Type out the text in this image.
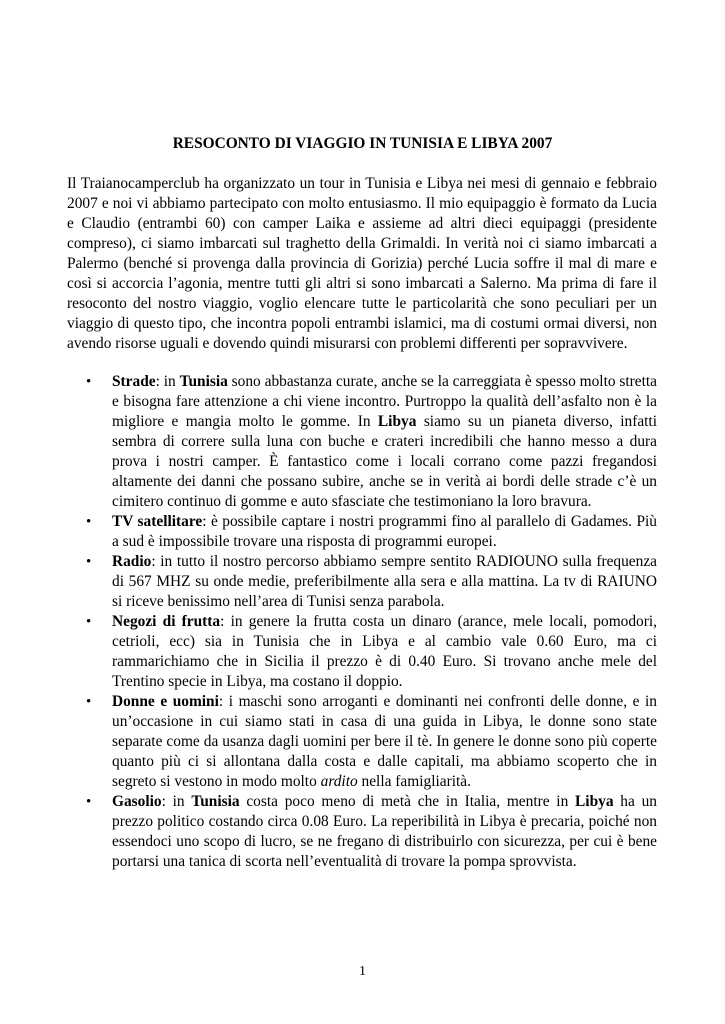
RESOCONTO DI VIAGGIO IN TUNISIA E LIBYA 2007

Il Traianocamperclub ha organizzato un tour in Tunisia e Libya nei mesi di gennaio e febbraio 2007 e noi vi abbiamo partecipato con molto entusiasmo. Il mio equipaggio è formato da Lucia e Claudio (entrambi 60) con camper Laika e assieme ad altri dieci equipaggi (presidente compreso), ci siamo imbarcati sul traghetto della Grimaldi. In verità noi ci siamo imbarcati a Palermo (benché si provenga dalla provincia di Gorizia) perché Lucia soffre il mal di mare e così si accorcia l’agonia, mentre tutti gli altri si sono imbarcati a Salerno. Ma prima di fare il resoconto del nostro viaggio, voglio elencare tutte le particolarità che sono peculiari per un viaggio di questo tipo, che incontra popoli entrambi islamici, ma di costumi ormai diversi, non avendo risorse uguali e dovendo quindi misurarsi con problemi differenti per sopravvivere.

• Strade: in Tunisia sono abbastanza curate, anche se la carreggiata è spesso molto stretta e bisogna fare attenzione a chi viene incontro. Purtroppo la qualità dell’asfalto non è la migliore e mangia molto le gomme. In Libya siamo su un pianeta diverso, infatti sembra di correre sulla luna con buche e crateri incredibili che hanno messo a dura prova i nostri camper. È fantastico come i locali corrano come pazzi fregandosi altamente dei danni che possano subire, anche se in verità ai bordi delle strade c’è un cimitero continuo di gomme e auto sfasciate che testimoniano la loro bravura.
• TV satellitare: è possibile captare i nostri programmi fino al parallelo di Gadames. Più a sud è impossibile trovare una risposta di programmi europei.
• Radio: in tutto il nostro percorso abbiamo sempre sentito RADIOUNO sulla frequenza di 567 MHZ su onde medie, preferibilmente alla sera e alla mattina. La tv di RAIUNO si riceve benissimo nell’area di Tunisi senza parabola.
• Negozi di frutta: in genere la frutta costa un dinaro (arance, mele locali, pomodori, cetrioli, ecc) sia in Tunisia che in Libya e al cambio vale 0.60 Euro, ma ci rammarichiamo che in Sicilia il prezzo è di 0.40 Euro. Si trovano anche mele del Trentino specie in Libya, ma costano il doppio.
• Donne e uomini: i maschi sono arroganti e dominanti nei confronti delle donne, e in un’occasione in cui siamo stati in casa di una guida in Libya, le donne sono state separate come da usanza dagli uomini per bere il tè. In genere le donne sono più coperte quanto più ci si allontana dalla costa e dalle capitali, ma abbiamo scoperto che in segreto si vestono in modo molto ardito nella famigliarità.
• Gasolio: in Tunisia costa poco meno di metà che in Italia, mentre in Libya ha un prezzo politico costando circa 0.08 Euro. La reperibilità in Libya è precaria, poiché non essendoci uno scopo di lucro, se ne fregano di distribuirlo con sicurezza, per cui è bene portarsi una tanica di scorta nell’eventualità di trovare la pompa sprovvista.

1
